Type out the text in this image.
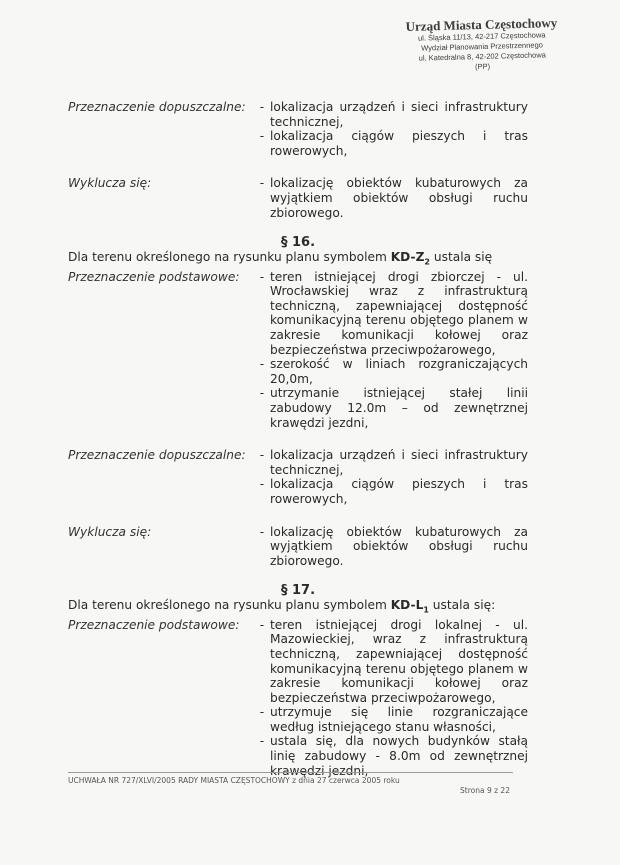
Urząd Miasta Częstochowy
ul. Śląska 11/13, 42-217 Częstochowa
Wydział Planowania Przestrzennego
ul. Katedralna 8, 42-202 Częstochowa
(PP)
Przeznaczenie dopuszczalne:	- lokalizacja urządzeń i sieci infrastruktury technicznej,
- lokalizacja ciągów pieszych i tras rowerowych,
Wyklucza się:	- lokalizację obiektów kubaturowych za wyjątkiem obiektów obsługi ruchu zbiorowego.
§ 16.
Dla terenu określonego na rysunku planu symbolem $KD-Z_2$ ustala się
Przeznaczenie podstawowe:	- teren istniejącej drogi zbiorczej - ul. Wrocławskiej wraz z infrastrukturą techniczną, zapewniającej dostępność komunikacyjną terenu objętego planem w zakresie komunikacji kołowej oraz bezpieczeństwa przeciwpożarowego,
- szerokość w liniach rozgraniczających 20,0m,
- utrzymanie istniejącej stałej linii zabudowy 12.0m – od zewnętrznej krawędzi jezdni,
Przeznaczenie dopuszczalne:	- lokalizacja urządzeń i sieci infrastruktury technicznej,
- lokalizacja ciągów pieszych i tras rowerowych,
Wyklucza się:	- lokalizację obiektów kubaturowych za wyjątkiem obiektów obsługi ruchu zbiorowego.
§ 17.
Dla terenu określonego na rysunku planu symbolem $KD-L_1$ ustala się:
Przeznaczenie podstawowe:	- teren istniejącej drogi lokalnej - ul. Mazowieckiej, wraz z infrastrukturą techniczną, zapewniającej dostępność komunikacyjną terenu objętego planem w zakresie komunikacji kołowej oraz bezpieczeństwa przeciwpożarowego,
- utrzymuje się linie rozgraniczające według istniejącego stanu własności,
- ustala się, dla nowych budynków stałą linię zabudowy - 8.0m od zewnętrznej krawędzi jezdni,
UCHWAŁA NR 727/XLVI/2005 RADY MIASTA CZĘSTOCHOWY z dnia 27 czerwca 2005 roku
Strona 9 z 22
